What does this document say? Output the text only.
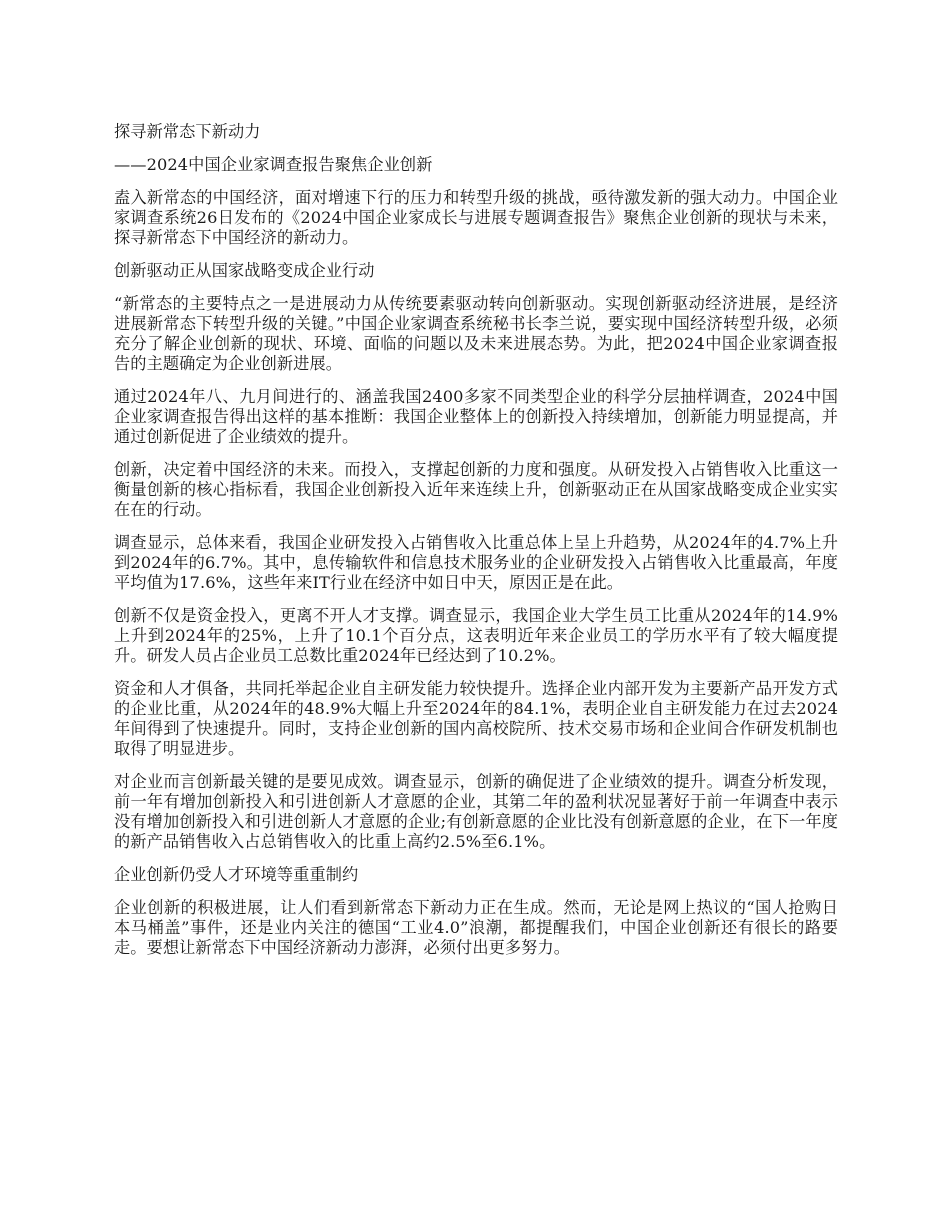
探寻新常态下新动力

——2024中国企业家调查报告聚焦企业创新

盍入新常态的中国经济，面对增速下行的压力和转型升级的挑战，亟待激发新的强大动力。中国企业家调查系统26日发布的《2024中国企业家成长与进展专题调查报告》聚焦企业创新的现状与未来，探寻新常态下中国经济的新动力。

创新驱动正从国家战略变成企业行动

“新常态的主要特点之一是进展动力从传统要素驱动转向创新驱动。实现创新驱动经济进展，是经济进展新常态下转型升级的关键。”中国企业家调查系统秘书长李兰说，要实现中国经济转型升级，必须充分了解企业创新的现状、环境、面临的问题以及未来进展态势。为此，把2024中国企业家调查报告的主题确定为企业创新进展。

通过2024年八、九月间进行的、涵盖我国2400多家不同类型企业的科学分层抽样调查，2024中国企业家调查报告得出这样的基本推断：我国企业整体上的创新投入持续增加，创新能力明显提高，并通过创新促进了企业绩效的提升。

创新，决定着中国经济的未来。而投入，支撑起创新的力度和强度。从研发投入占销售收入比重这一衡量创新的核心指标看，我国企业创新投入近年来连续上升，创新驱动正在从国家战略变成企业实实在在的行动。

调查显示，总体来看，我国企业研发投入占销售收入比重总体上呈上升趋势，从2024年的4.7%上升到2024年的6.7%。其中，息传输软件和信息技术服务业的企业研发投入占销售收入比重最高，年度平均值为17.6%，这些年来IT行业在经济中如日中天，原因正是在此。

创新不仅是资金投入，更离不开人才支撑。调查显示，我国企业大学生员工比重从2024年的14.9%上升到2024年的25%，上升了10.1个百分点，这表明近年来企业员工的学历水平有了较大幅度提升。研发人员占企业员工总数比重2024年已经达到了10.2%。

资金和人才俱备，共同托举起企业自主研发能力较快提升。选择企业内部开发为主要新产品开发方式的企业比重，从2024年的48.9%大幅上升至2024年的84.1%，表明企业自主研发能力在过去2024年间得到了快速提升。同时，支持企业创新的国内高校院所、技术交易市场和企业间合作研发机制也取得了明显进步。

对企业而言创新最关键的是要见成效。调查显示，创新的确促进了企业绩效的提升。调查分析发现，前一年有增加创新投入和引进创新人才意愿的企业，其第二年的盈利状况显著好于前一年调查中表示没有增加创新投入和引进创新人才意愿的企业;有创新意愿的企业比没有创新意愿的企业，在下一年度的新产品销售收入占总销售收入的比重上高约2.5%至6.1%。

企业创新仍受人才环境等重重制约

企业创新的积极进展，让人们看到新常态下新动力正在生成。然而，无论是网上热议的“国人抢购日本马桶盖”事件，还是业内关注的德国“工业4.0”浪潮，都提醒我们，中国企业创新还有很长的路要走。要想让新常态下中国经济新动力澎湃，必须付出更多努力。
